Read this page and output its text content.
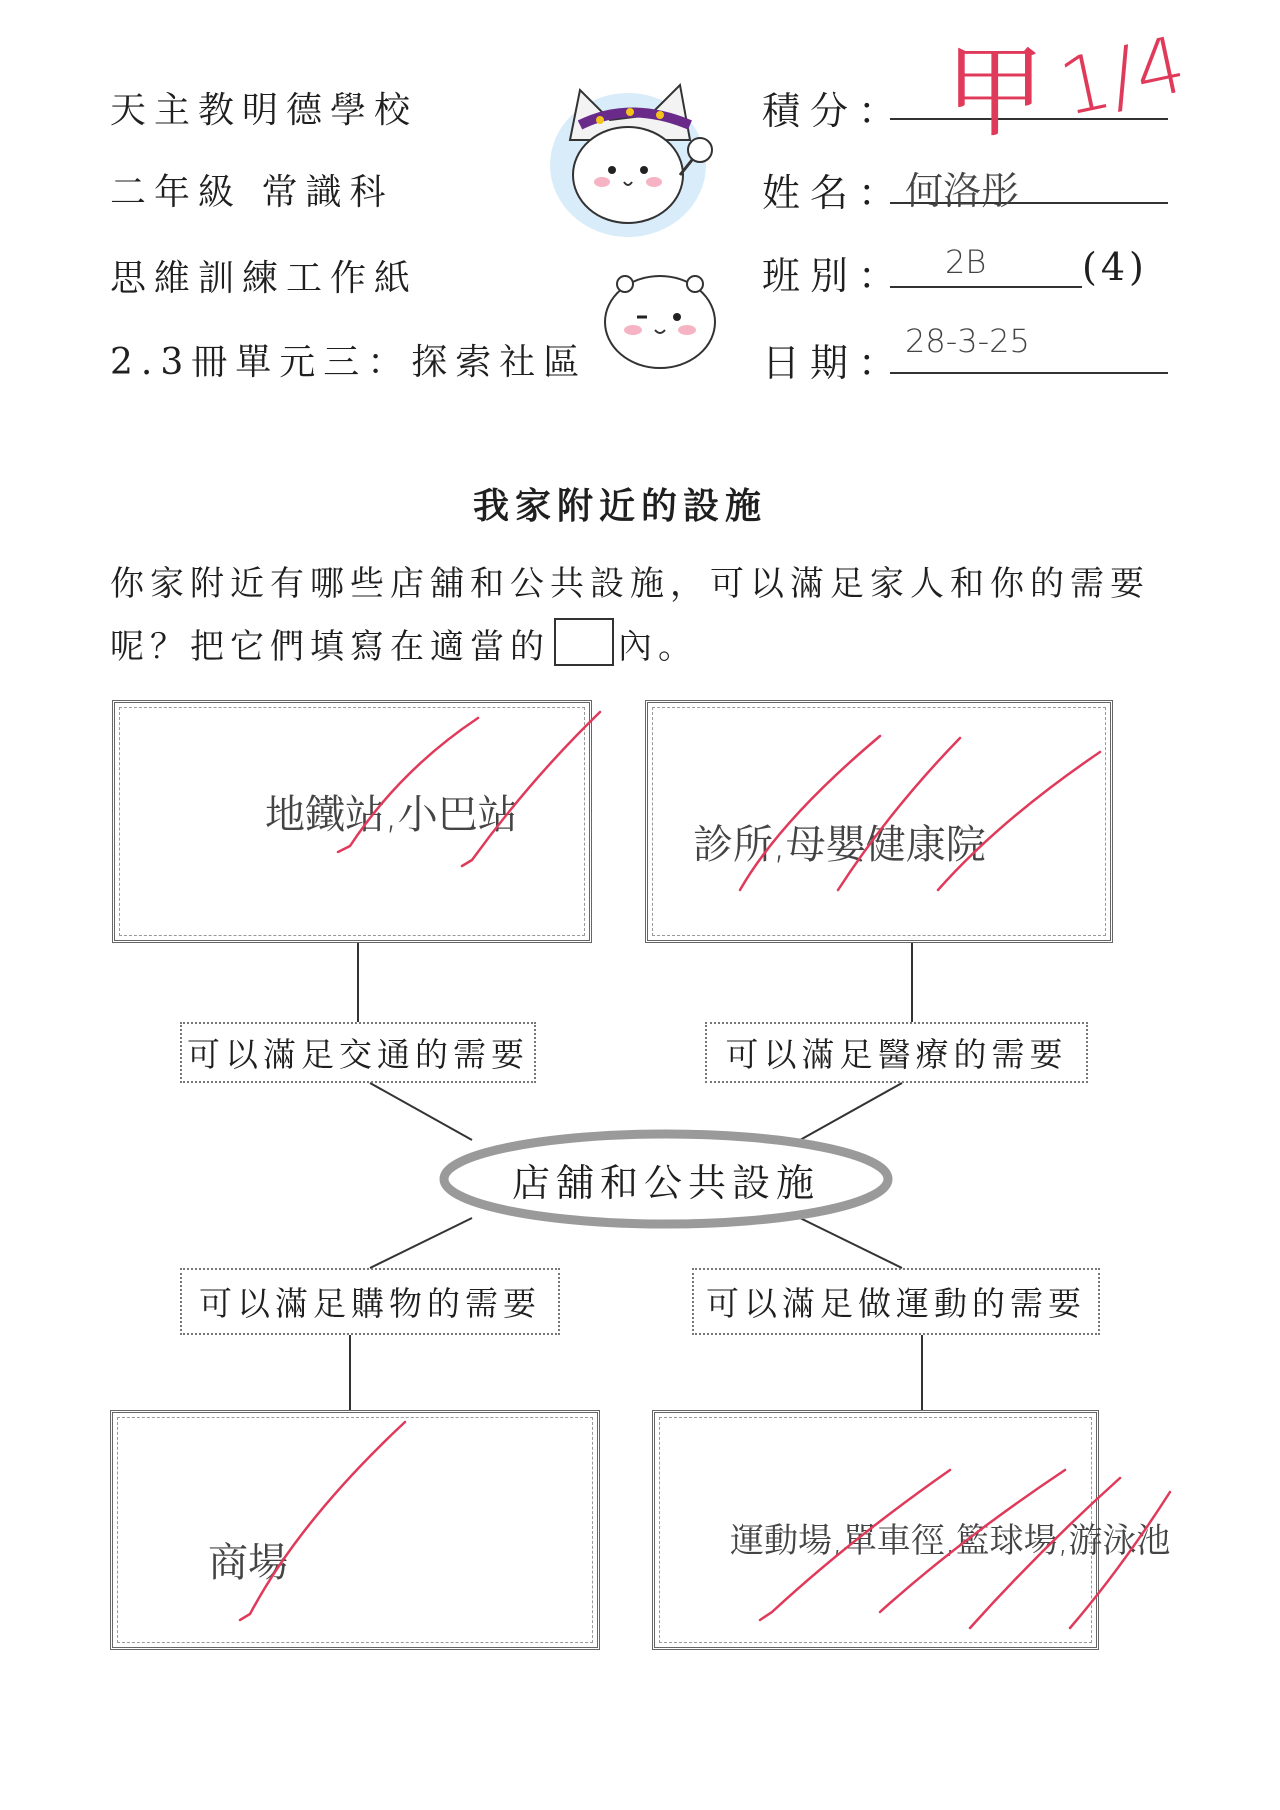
天主教明德學校
二年級 常識科
思維訓練工作紙
2.3冊單元三：探索社區
積分： 甲 1/4
姓名：
何洛彤
班別： 2B	(4)
日期：
28-3-25
我家附近的設施
你家附近有哪些店舖和公共設施，可以滿足家人和你的需要
呢？把它們填寫在適當的 內。
地鐵站,小巴站
診所,母嬰健康院
可以滿足交通的需要	可以滿足醫療的需要
店舖和公共設施
可以滿足購物的需要	可以滿足做運動的需要
商場	運動場,單車徑,籃球場,游泳池
